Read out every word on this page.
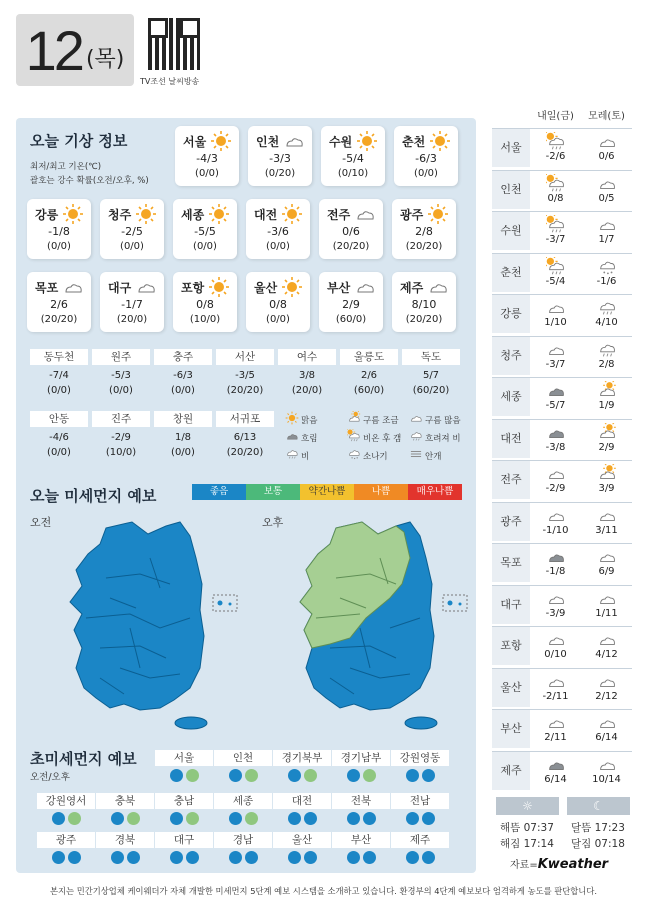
12 (목)
TV조선 날씨방송
오늘 기상 정보
최저/최고 기온(℃)
괄호는 강수 확률(오전/오후, %)
서울
-4/3
(0/0)
인천
-3/3
(0/20)
수원
-5/4
(0/10)
춘천
-6/3
(0/0)
강릉
-1/8
(0/0)
청주
-2/5
(0/0)
세종
-5/5
(0/0)
대전
-3/6
(0/0)
전주
0/6
(20/20)
광주
2/8
(20/20)
목포
2/6
(20/20)
대구
-1/7
(20/0)
포항
0/8
(10/0)
울산
0/8
(0/0)
부산
2/9
(60/0)
제주
8/10
(20/20)
동두천
-7/4
(0/0)
원주
-5/3
(0/0)
충주
-6/3
(0/0)
서산
-3/5
(20/20)
여수
3/8
(20/0)
울릉도
2/6
(60/0)
독도
5/7
(60/20)
안동
-4/6
(0/0)
진주
-2/9
(10/0)
창원
1/8
(0/0)
서귀포
6/13
(20/20)
맑음	구름 조금	구름 많음
흐림	비온 후 갬	흐려져 비
비	소나기	안개
오늘 미세먼지 예보	좋음	보통	약간나쁨	나쁨	매우나쁨
오전	오후
초미세먼지 예보
오전/오후
서울	인천	경기북부	경기남부	강원영동
강원영서	충북	충남	세종	대전	전북	전남
광주	경북	대구	경남	울산	부산	제주
내일(금)	모레(토)
서울
-2/6	0/6
인천
0/8	0/5
수원
-3/7	1/7
춘천
-5/4	-1/6
강릉
1/10	4/10
청주
-3/7	2/8
세종
-5/7	1/9
대전
-3/8	2/9
전주
-2/9	3/9
광주
-1/10	3/11
목포
-1/8	6/9
대구
-3/9	1/11
포항
0/10	4/12
울산
-2/11	2/12
부산
2/11	6/14
제주
6/14	10/14
☼	☾
해뜸 07:37 달뜸 17:23
해짐 17:14 달짐 07:18
자료=Kweather
본지는 민간기상업체 케이웨더가 자체 개발한 미세먼지 5단계 예보 시스템을 소개하고 있습니다. 환경부의 4단계 예보보다 엄격하게 농도를 판단합니다.
